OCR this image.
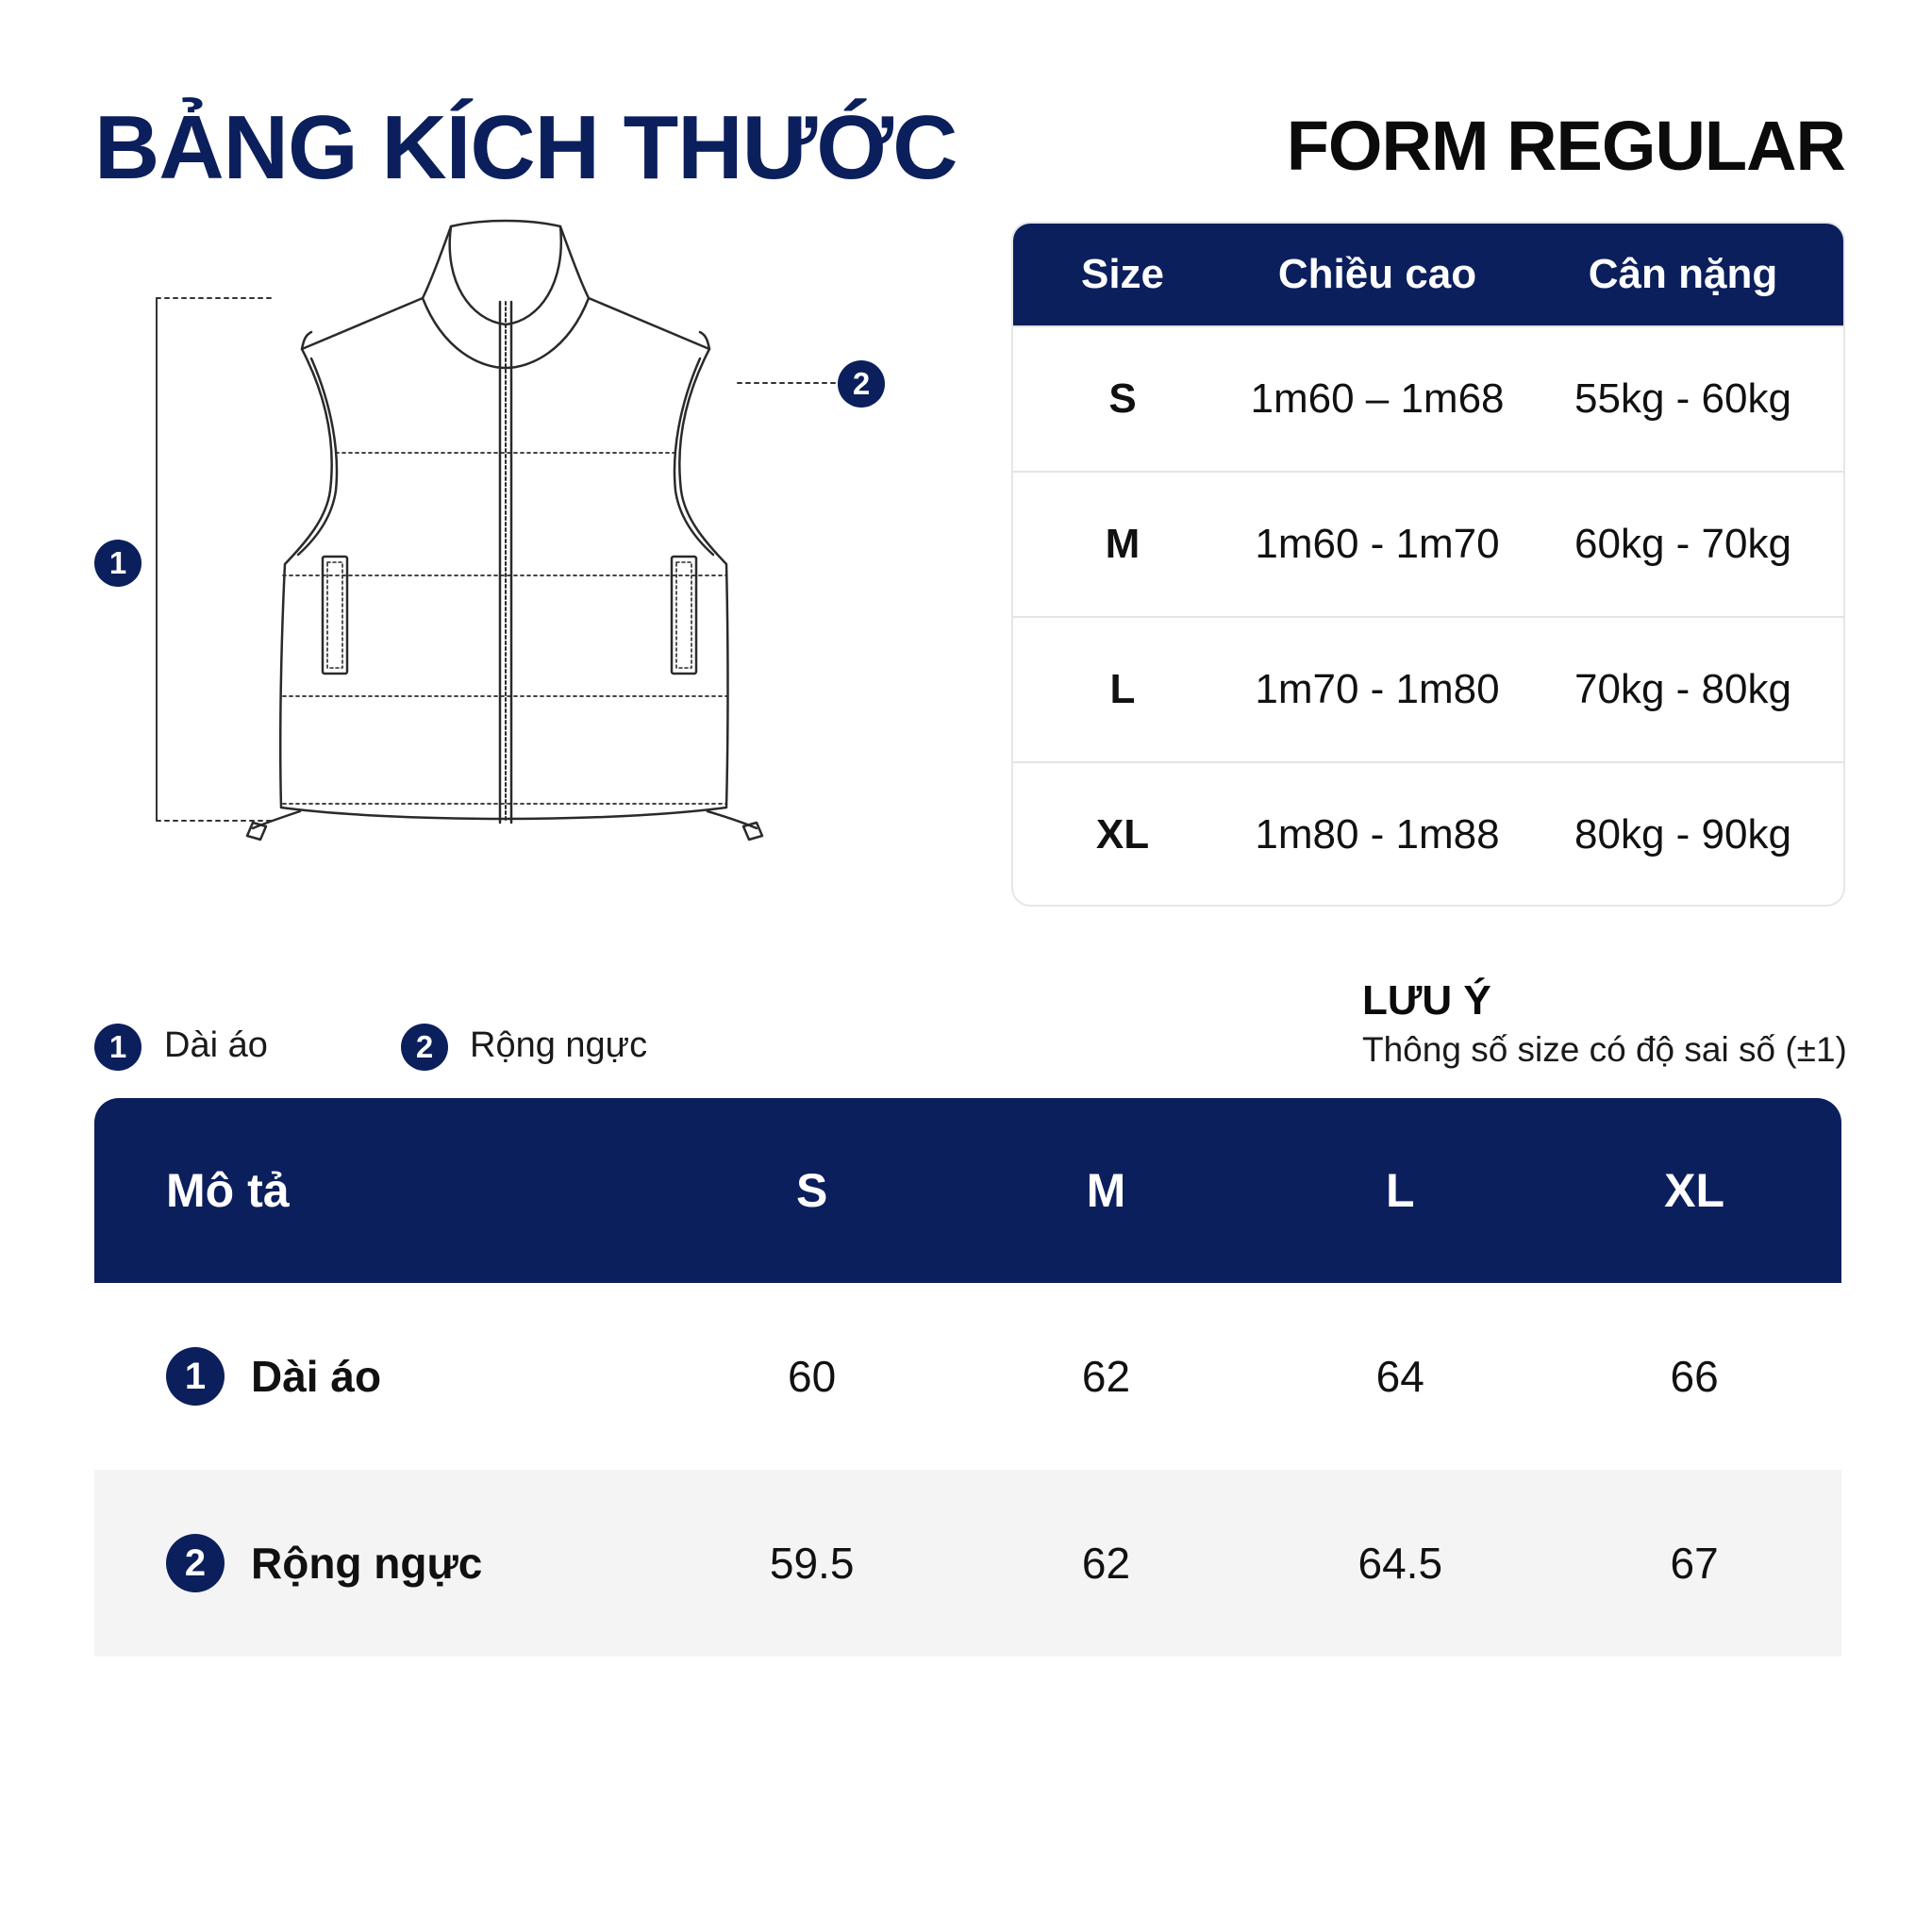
BẢNG KÍCH THƯỚC	FORM REGULAR
1
2
Size	Chiều cao	Cân nặng
S	1m60 – 1m68	55kg - 60kg
M	1m60 - 1m70	60kg - 70kg
L	1m70 - 1m80	70kg - 80kg
XL	1m80 - 1m88	80kg - 90kg
1	Dài áo	2	Rộng ngực
LƯU Ý
Thông số size có độ sai số (±1)
Mô tả	S	M	L	XL
1	Dài áo	60	62	64	66
2	Rộng ngực	59.5	62	64.5	67
